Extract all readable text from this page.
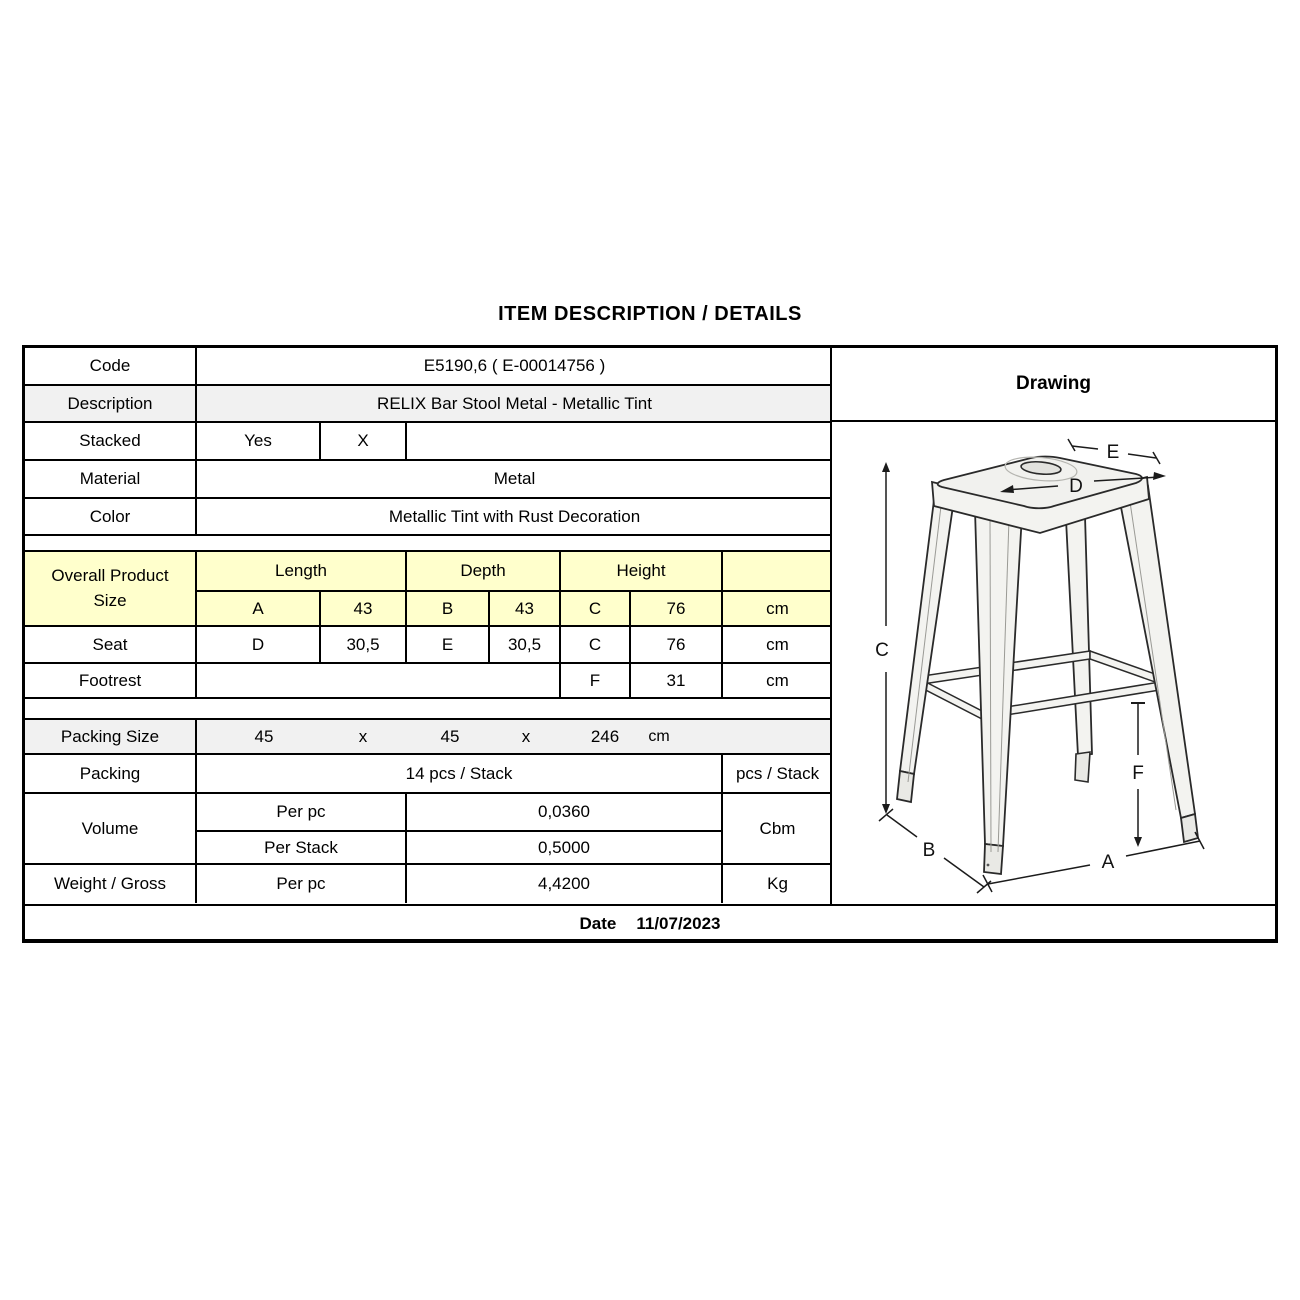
ITEM DESCRIPTION / DETAILS
Code	E5190,6 ( E-00014756 )		
Description	RELIX Bar Stool Metal - Metallic Tint		
Stacked	Yes	X	
Material	Metal		
Color	Metallic Tint with Rust Decoration		
Overall Product Size	Length		Depth		Height		
	A	43	B	43	C	76	cm
Seat	D	30,5	E	30,5	C	76	cm
Footrest					F	31	cm
Packing Size	45	x	45	x	246 cm

Packing	14 pcs / Stack		pcs / Stack
Volume	Per pc	0,0360	Cbm
	Per Stack	0,5000	
Weight / Gross	Per pc	4,4200	Kg
Drawing
C
D
E
F
A
B
Date 11/07/2023
